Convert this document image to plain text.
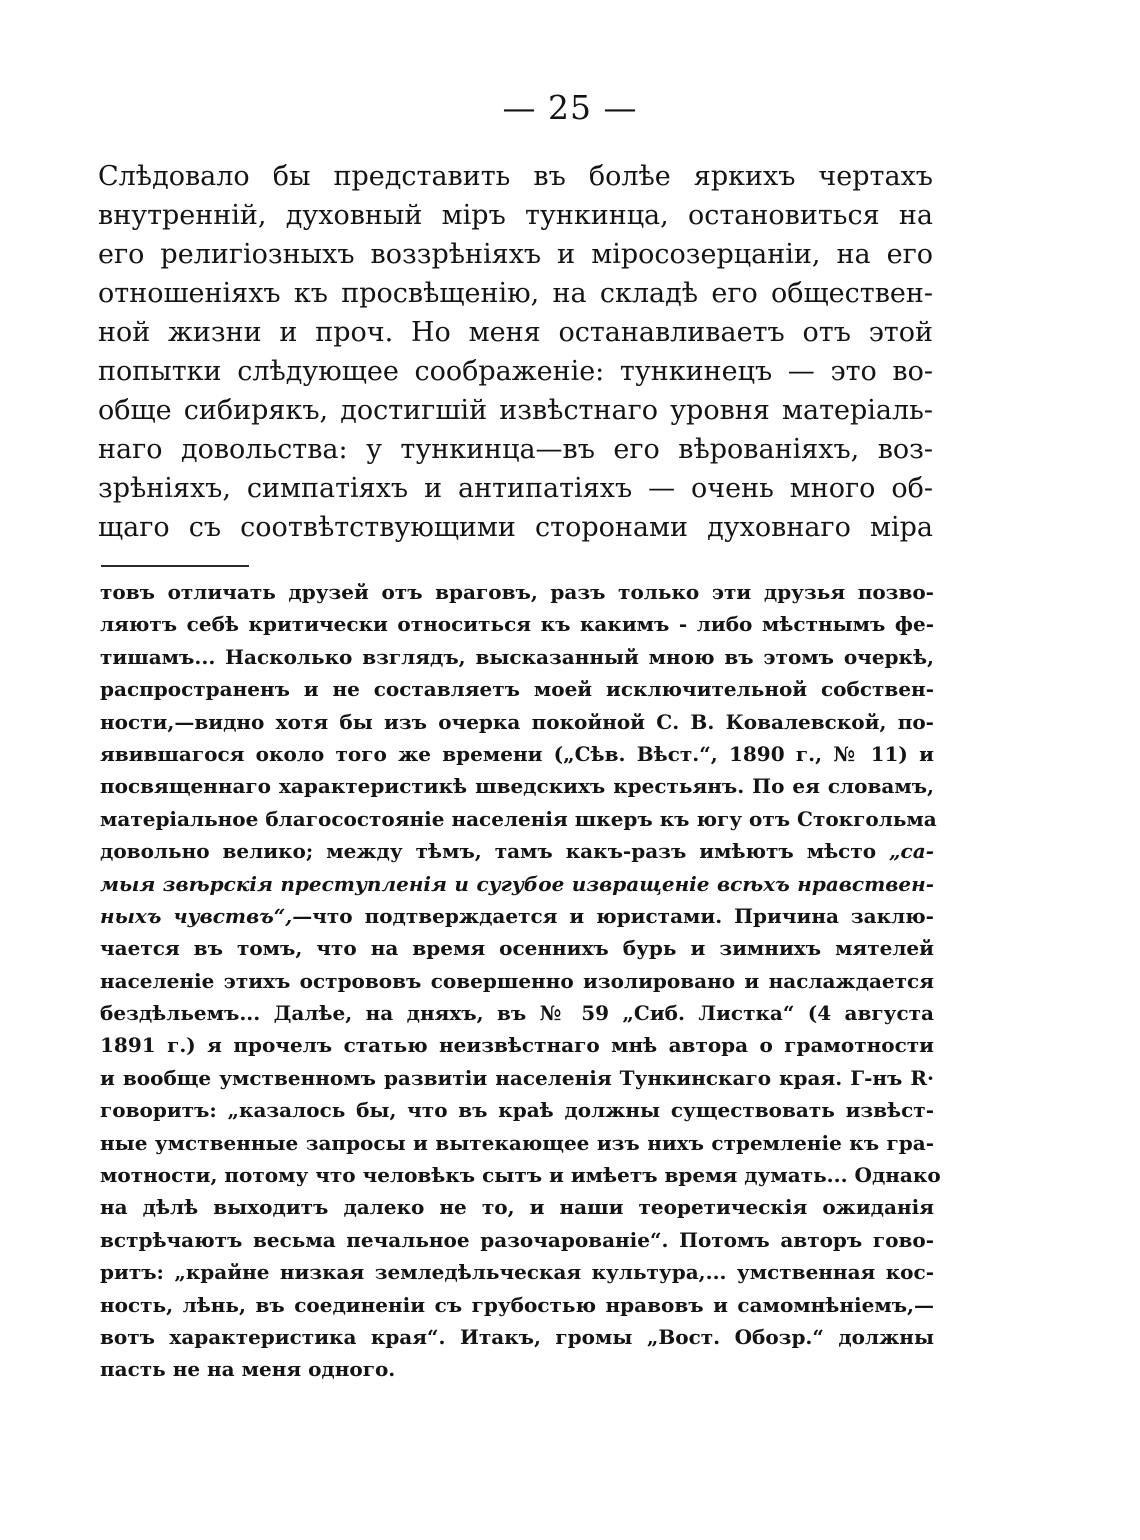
— 25 —
Слѣдовало бы представить въ болѣе яркихъ чертахъ
внутренній, духовный міръ тункинца, остановиться на
его религіозныхъ воззрѣніяхъ и міросозерцаніи, на его
отношеніяхъ къ просвѣщенію, на складѣ его обществен-
ной жизни и проч. Но меня останавливаетъ отъ этой
попытки слѣдующее соображеніе: тункинецъ — это во-
обще сибирякъ, достигшій извѣстнаго уровня матеріаль-
наго довольства: у тункинца—въ его вѣрованіяхъ, воз-
зрѣніяхъ, симпатіяхъ и антипатіяхъ — очень много об-
щаго съ соотвѣтствующими сторонами духовнаго міра
товъ отличать друзей отъ враговъ, разъ только эти друзья позво-
ляютъ себѣ критически относиться къ какимъ - либо мѣстнымъ фе-
тишамъ... Насколько взглядъ, высказанный мною въ этомъ очеркѣ,
распространенъ и не составляетъ моей исключительной собствен-
ности,—видно хотя бы изъ очерка покойной С. В. Ковалевской, по-
явившагося около того же времени („Сѣв. Вѣст.“, 1890 г., № 11) и
посвященнаго характеристикѣ шведскихъ крестьянъ. По ея словамъ,
матеріальное благосостояніе населенія шкеръ къ югу отъ Стокгольма
довольно велико; между тѣмъ, тамъ какъ-разъ имѣютъ мѣсто „са-
мыя звѣрскія преступленія и сугубое извращеніе всѣхъ нравствен-
ныхъ чувствъ“,—что подтверждается и юристами. Причина заклю-
чается въ томъ, что на время осеннихъ бурь и зимнихъ мятелей
населеніе этихъ острововъ совершенно изолировано и наслаждается
бездѣльемъ... Далѣе, на дняхъ, въ № 59 „Сиб. Листка“ (4 августа
1891 г.) я прочелъ статью неизвѣстнаго мнѣ автора о грамотности
и вообще умственномъ развитіи населенія Тункинскаго края. Г-нъ R·
говоритъ: „казалось бы, что въ краѣ должны существовать извѣст-
ные умственные запросы и вытекающее изъ нихъ стремленіе къ гра-
мотности, потому что человѣкъ сытъ и имѣетъ время думать... Однако
на дѣлѣ выходитъ далеко не то, и наши теоретическія ожиданія
встрѣчаютъ весьма печальное разочарованіе“. Потомъ авторъ гово-
ритъ: „крайне низкая земледѣльческая культура,... умственная кос-
ность, лѣнь, въ соединеніи съ грубостью нравовъ и самомнѣніемъ,—
вотъ характеристика края“. Итакъ, громы „Вост. Обозр.“ должны
пасть не на меня одного.
